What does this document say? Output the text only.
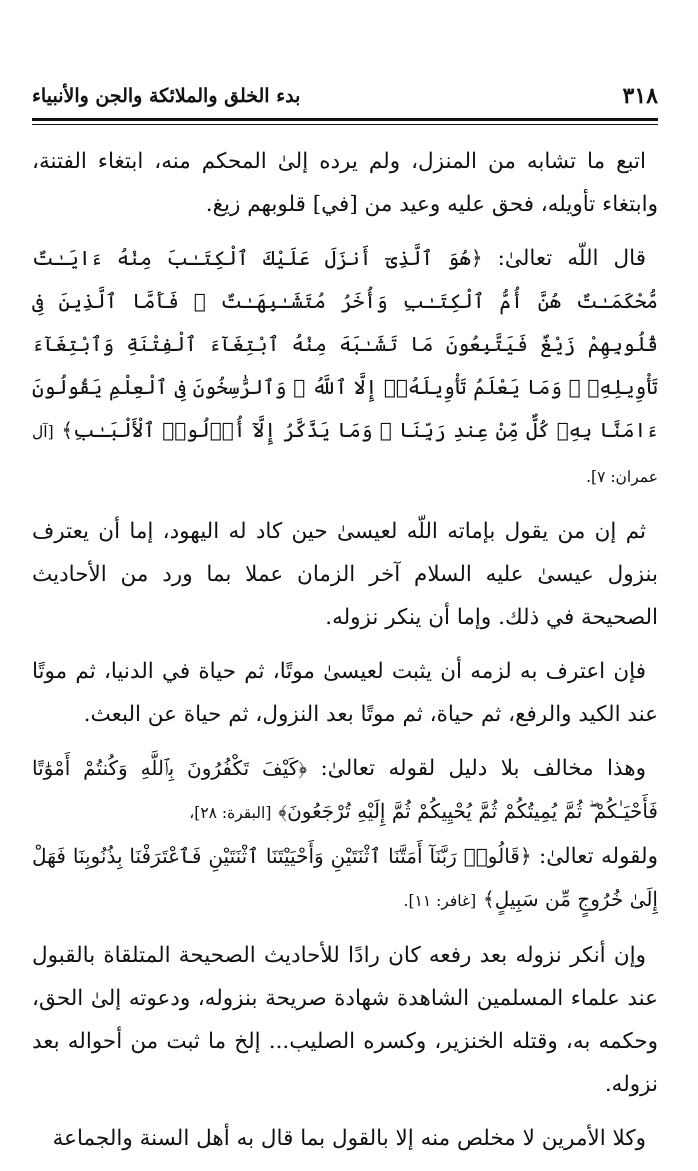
بدء الخلق والملائكة والجن والأنبياء	٣١٨

اتبع ما تشابه من المنزل، ولم يرده إلىٰ المحكم منه، ابتغاء الفتنة، وابتغاء تأويله، فحق عليه وعيد من [في] قلوبهم زيغ.

قال اللّه تعالىٰ: ﴿هُوَ ٱلَّذِىٓ أَنزَلَ عَلَيْكَ ٱلْكِتَـٰبَ مِنْهُ ءَايَـٰتٌ مُّحْكَمَـٰتٌ هُنَّ أُمُّ ٱلْكِتَـٰبِ وَأُخَرُ مُتَشَـٰبِهَـٰتٌ ۖ فَأَمَّا ٱلَّذِينَ فِى قُلُوبِهِمْ زَيْغٌ فَيَتَّبِعُونَ مَا تَشَـٰبَهَ مِنْهُ ٱبْتِغَآءَ ٱلْفِتْنَةِ وَٱبْتِغَآءَ تَأْوِيلِهِۦ ۗ وَمَا يَعْلَمُ تَأْوِيلَهُۥٓ إِلَّا ٱللَّهُ ۗ وَٱلرَّٰسِخُونَ فِى ٱلْعِلْمِ يَقُولُونَ ءَامَنَّا بِهِۦ كُلٌّ مِّنْ عِندِ رَبِّنَا ۗ وَمَا يَذَّكَّرُ إِلَّآ أُو۟لُوا۟ ٱلْأَلْبَـٰبِ﴾ [آل عمران: ٧].

ثم إن من يقول بإماته اللّه لعيسىٰ حين كاد له اليهود، إما أن يعترف بنزول عيسىٰ عليه السلام آخر الزمان عملا بما ورد من الأحاديث الصحيحة في ذلك. وإما أن ينكر نزوله.

فإن اعترف به لزمه أن يثبت لعيسىٰ موتًا، ثم حياة في الدنيا، ثم موتًا عند الكيد والرفع، ثم حياة، ثم موتًا بعد النزول، ثم حياة عن البعث.

وهذا مخالف بلا دليل لقوله تعالىٰ: ﴿كَيْفَ تَكْفُرُونَ بِٱللَّهِ وَكُنتُمْ أَمْوَٰتًا فَأَحْيَـٰكُمْ ۖ ثُمَّ يُمِيتُكُمْ ثُمَّ يُحْيِيكُمْ ثُمَّ إِلَيْهِ تُرْجَعُونَ﴾ [البقرة: ٢٨]،

ولقوله تعالىٰ: ﴿قَالُوا۟ رَبَّنَآ أَمَتَّنَا ٱثْنَتَيْنِ وَأَحْيَيْتَنَا ٱثْنَتَيْنِ فَٱعْتَرَفْنَا بِذُنُوبِنَا فَهَلْ إِلَىٰ خُرُوجٍ مِّن سَبِيلٍ﴾ [غافر: ١١].

وإن أنكر نزوله بعد رفعه كان رادًا للأحاديث الصحيحة المتلقاة بالقبول عند علماء المسلمين الشاهدة شهادة صريحة بنزوله، ودعوته إلىٰ الحق، وحكمه به، وقتله الخنزير، وكسره الصليب... إلخ ما ثبت من أحواله بعد نزوله.

وكلا الأمرين لا مخلص منه إلا بالقول بما قال به أهل السنة والجماعة
